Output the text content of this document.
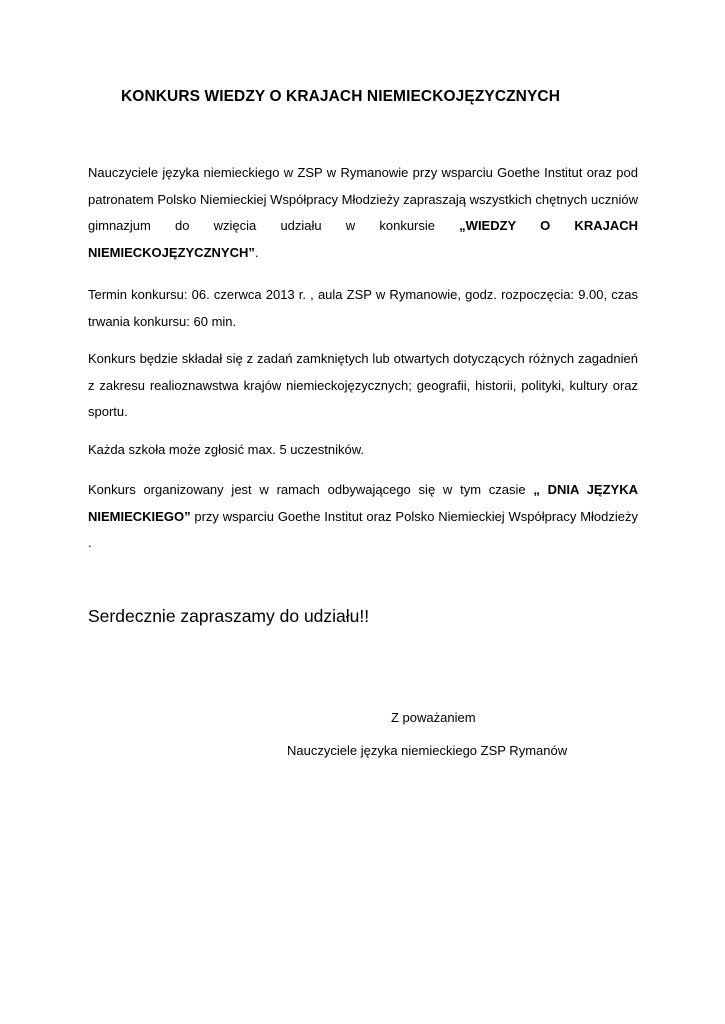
KONKURS WIEDZY O KRAJACH NIEMIECKOJĘZYCZNYCH

Nauczyciele języka niemieckiego w ZSP w Rymanowie przy wsparciu Goethe Institut oraz pod patronatem Polsko Niemieckiej Współpracy Młodzieży zapraszają wszystkich chętnych uczniów gimnazjum do wzięcia udziału w konkursie „WIEDZY O KRAJACH NIEMIECKOJĘZYCZNYCH”.

Termin konkursu: 06. czerwca 2013 r. , aula ZSP w Rymanowie, godz. rozpoczęcia: 9.00, czas trwania konkursu: 60 min.

Konkurs będzie składał się z zadań zamkniętych lub otwartych dotyczących różnych zagadnień z zakresu realioznawstwa krajów niemieckojęzycznych; geografii, historii, polityki, kultury oraz sportu.

Każda szkoła może zgłosić max. 5 uczestników.

Konkurs organizowany jest w ramach odbywającego się w tym czasie „ DNIA JĘZYKA NIEMIECKIEGO” przy wsparciu Goethe Institut oraz Polsko Niemieckiej Współpracy Młodzieży .

Serdecznie zapraszamy do udziału!!
Z poważaniem
Nauczyciele języka niemieckiego ZSP Rymanów
